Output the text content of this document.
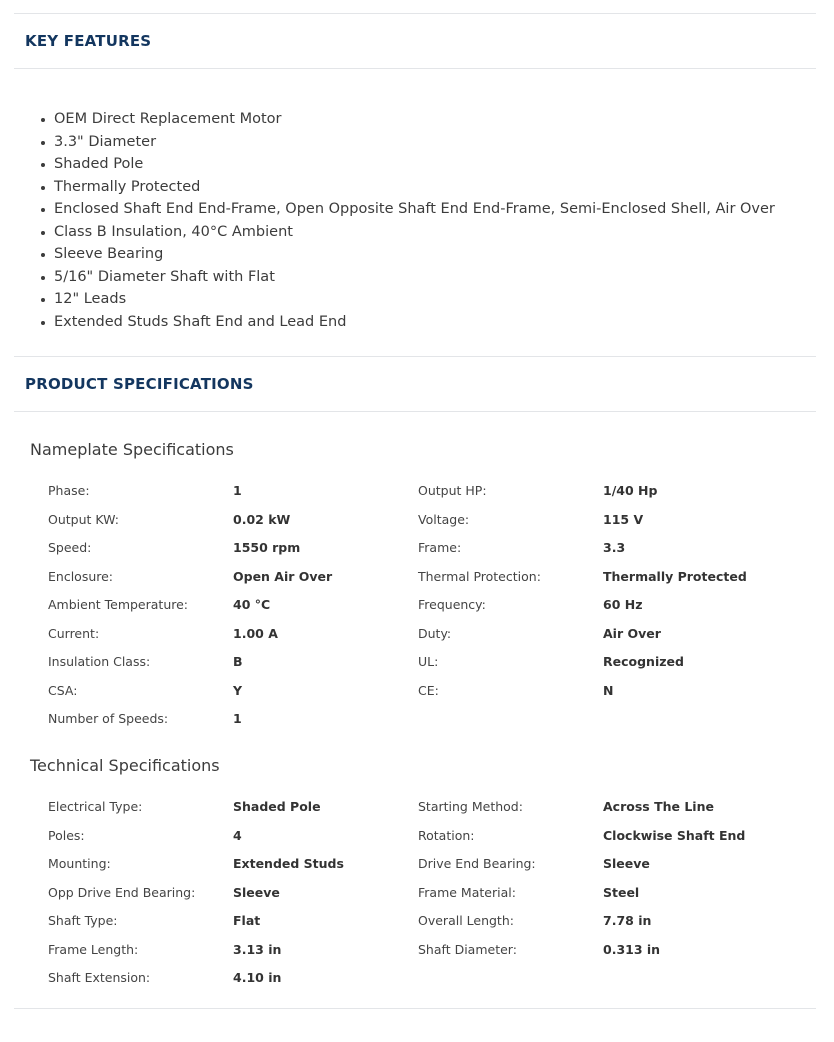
KEY FEATURES
OEM Direct Replacement Motor
3.3" Diameter
Shaded Pole
Thermally Protected
Enclosed Shaft End End-Frame, Open Opposite Shaft End End-Frame, Semi-Enclosed Shell, Air Over
Class B Insulation, 40°C Ambient
Sleeve Bearing
5/16" Diameter Shaft with Flat
12" Leads
Extended Studs Shaft End and Lead End
PRODUCT SPECIFICATIONS
Nameplate Specifications
Phase:	1	Output HP:	1/40 Hp
Output KW:	0.02 kW	Voltage:	115 V
Speed:	1550 rpm	Frame:	3.3
Enclosure:	Open Air Over	Thermal Protection:	Thermally Protected
Ambient Temperature:	40 °C	Frequency:	60 Hz
Current:	1.00 A	Duty:	Air Over
Insulation Class:	B	UL:	Recognized
CSA:	Y	CE:	N
Number of Speeds:	1
Technical Specifications
Electrical Type:	Shaded Pole	Starting Method:	Across The Line
Poles:	4	Rotation:	Clockwise Shaft End
Mounting:	Extended Studs	Drive End Bearing:	Sleeve
Opp Drive End Bearing:	Sleeve	Frame Material:	Steel
Shaft Type:	Flat	Overall Length:	7.78 in
Frame Length:	3.13 in	Shaft Diameter:	0.313 in
Shaft Extension:	4.10 in
